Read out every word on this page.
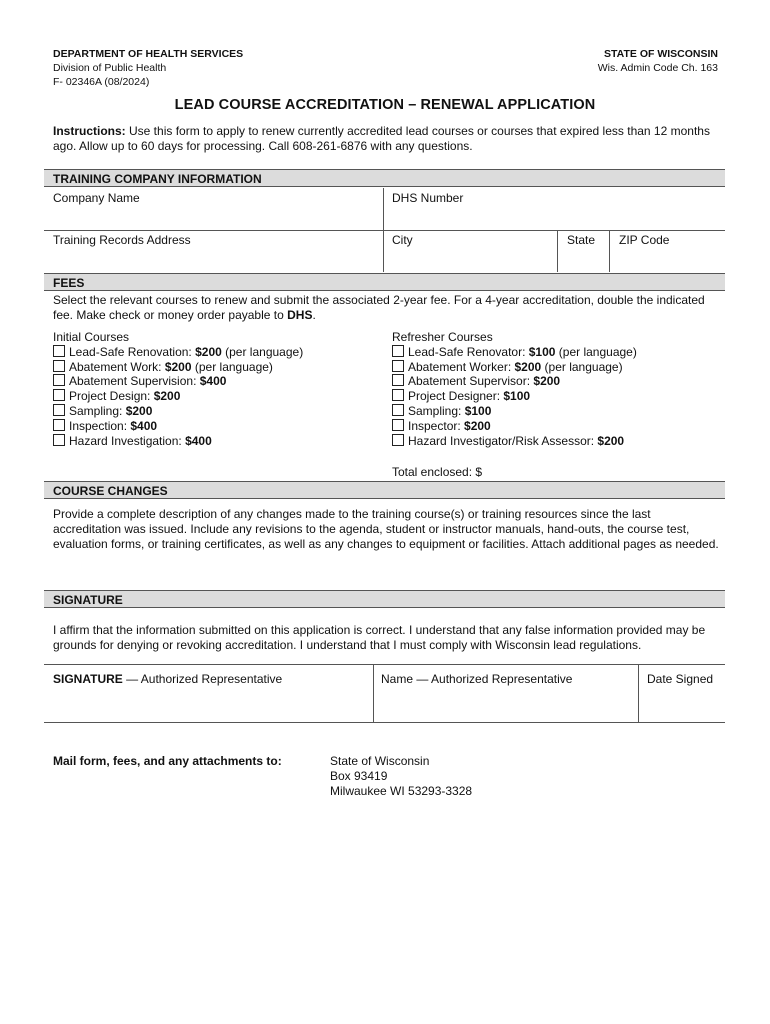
DEPARTMENT OF HEALTH SERVICES
Division of Public Health
F- 02346A (08/2024)
STATE OF WISCONSIN
Wis. Admin Code Ch. 163
LEAD COURSE ACCREDITATION – RENEWAL APPLICATION
Instructions: Use this form to apply to renew currently accredited lead courses or courses that expired less than 12 months ago. Allow up to 60 days for processing. Call 608-261-6876 with any questions.
TRAINING COMPANY INFORMATION
Company Name	DHS Number
Training Records Address	City	State ZIP Code
FEES
Select the relevant courses to renew and submit the associated 2-year fee. For a 4-year accreditation, double the indicated fee. Make check or money order payable to DHS.
Initial Courses
Lead-Safe Renovation: $200 (per language)
Abatement Work: $200 (per language)
Abatement Supervision: $400
Project Design: $200
Sampling: $200
Inspection: $400
Hazard Investigation: $400
Refresher Courses
Lead-Safe Renovator: $100 (per language)
Abatement Worker: $200 (per language)
Abatement Supervisor: $200
Project Designer: $100
Sampling: $100
Inspector: $200
Hazard Investigator/Risk Assessor: $200
Total enclosed: $
COURSE CHANGES
Provide a complete description of any changes made to the training course(s) or training resources since the last accreditation was issued. Include any revisions to the agenda, student or instructor manuals, hand-outs, the course test, evaluation forms, or training certificates, as well as any changes to equipment or facilities. Attach additional pages as needed.
SIGNATURE
I affirm that the information submitted on this application is correct. I understand that any false information provided may be grounds for denying or revoking accreditation. I understand that I must comply with Wisconsin lead regulations.
SIGNATURE — Authorized Representative	Name — Authorized Representative	Date Signed
Mail form, fees, and any attachments to:	State of Wisconsin
Box 93419
Milwaukee WI 53293-3328
